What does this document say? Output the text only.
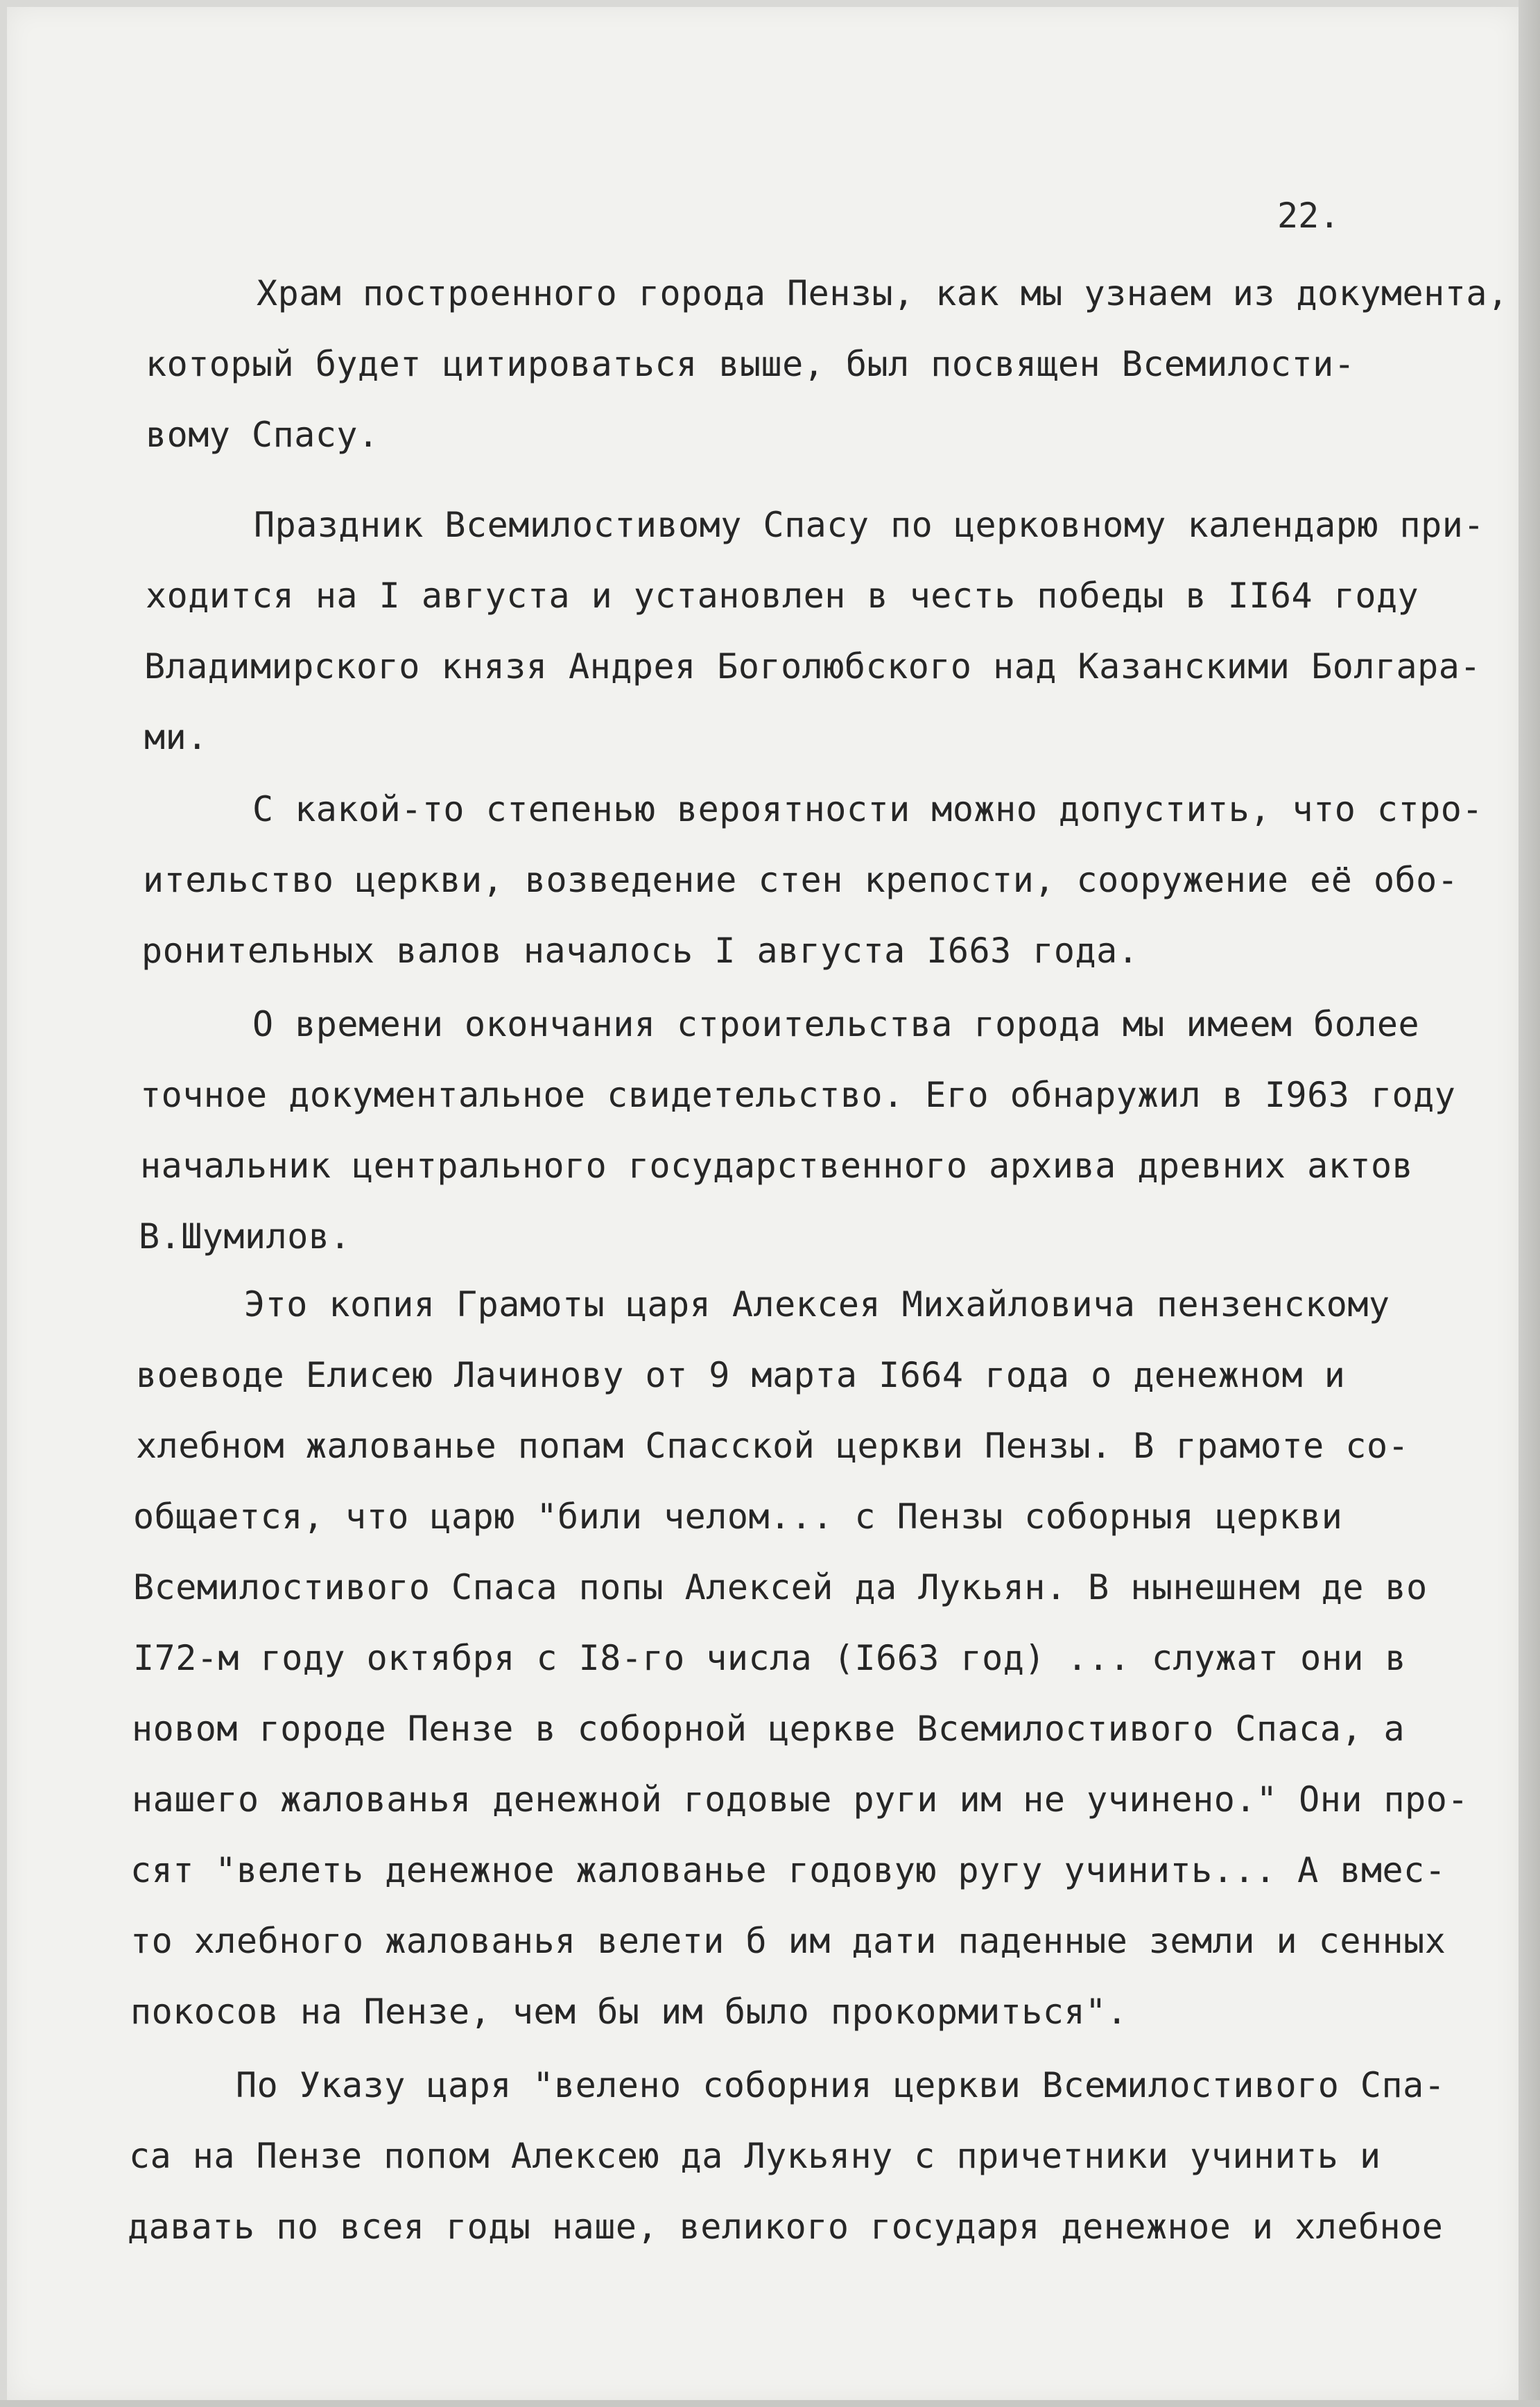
22.

Храм построенного города Пензы, как мы узнаем из документа,

который будет цитироваться выше, был посвящен Всемилости-

вому Спасу.

Праздник Всемилостивому Спасу по церковному календарю при-

ходится на I августа и установлен в честь победы в II64 году

Владимирского князя Андрея Боголюбского над Казанскими Болгара-

ми.

С какой-то степенью вероятности можно допустить, что стро-

ительство церкви, возведение стен крепости, сооружение её обо-

ронительных валов началось I августа I663 года.

О времени окончания строительства города мы имеем более

точное документальное свидетельство. Его обнаружил в I963 году

начальник центрального государственного архива древних актов

В.Шумилов.

Это копия Грамоты царя Алексея Михайловича пензенскому

воеводе Елисею Лачинову от 9 марта I664 года о денежном и

хлебном жалованье попам Спасской церкви Пензы. В грамоте со-

общается, что царю "били челом... с Пензы соборныя церкви

Всемилостивого Спаса попы Алексей да Лукьян. В нынешнем де во

I72-м году октября с I8-го числа (I663 год) ... служат они в

новом городе Пензе в соборной церкве Всемилостивого Спаса, а

нашего жалованья денежной годовые руги им не учинено." Они про-

сят "велеть денежное жалованье годовую ругу учинить... А вмес-

то хлебного жалованья велети б им дати паденные земли и сенных

покосов на Пензе, чем бы им было прокормиться".

По Указу царя "велено соборния церкви Всемилостивого Спа-

са на Пензе попом Алексею да Лукьяну с причетники учинить и

давать по всея годы наше, великого государя денежное и хлебное
